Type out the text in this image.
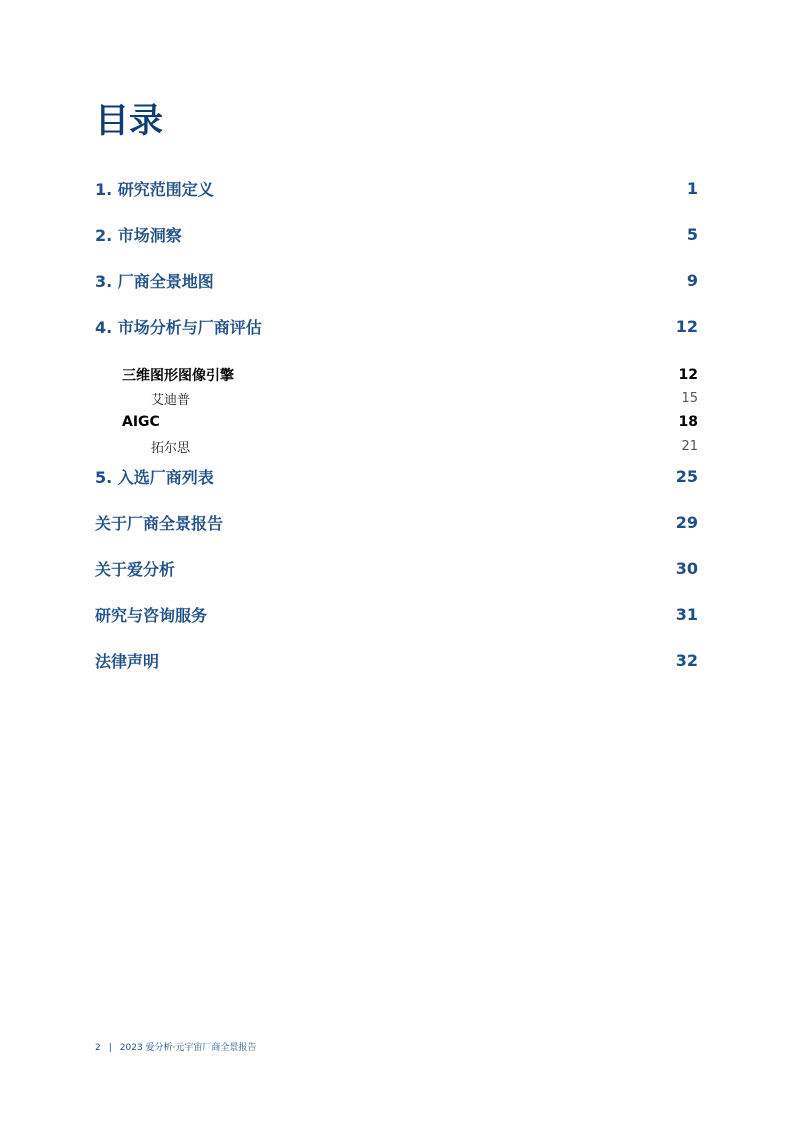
目录
1. 研究范围定义	1
2. 市场洞察	5
3. 厂商全景地图	9
4. 市场分析与厂商评估	12
三维图形图像引擎	12
艾迪普	15
AIGC	18
拓尔思	21
5. 入选厂商列表	25
关于厂商全景报告	29
关于爱分析	30
研究与咨询服务	31
法律声明	32
2 | 2023 爱分析·元宇宙厂商全景报告
